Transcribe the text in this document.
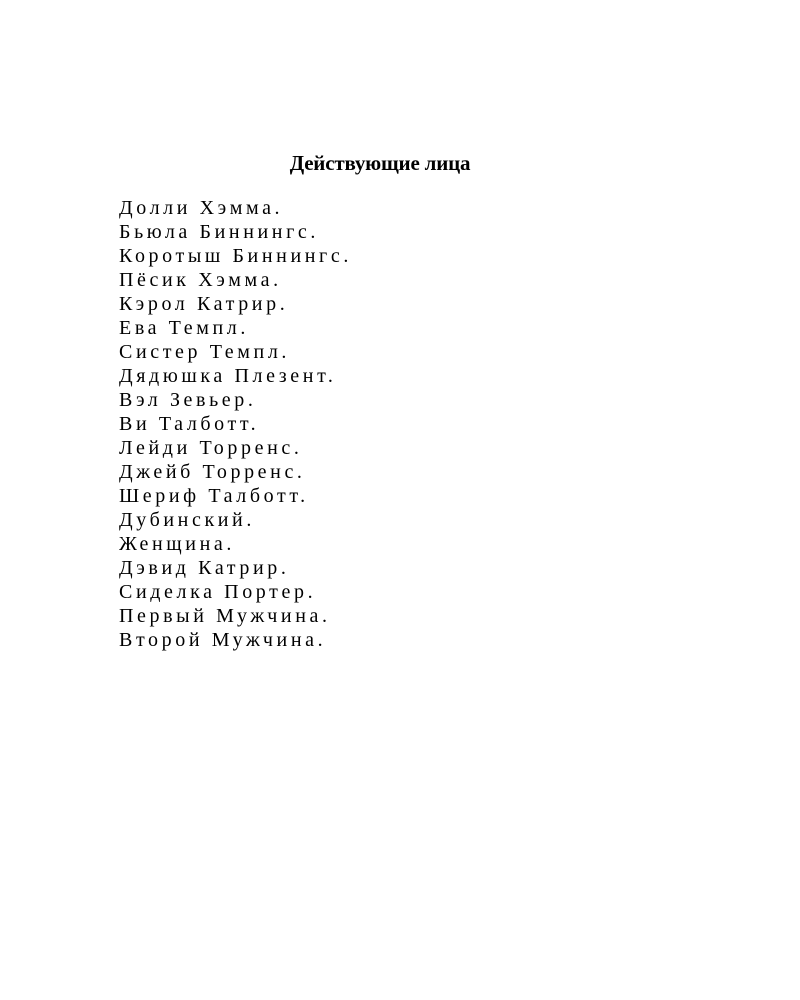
Действующие лица
Долли Хэмма.
Бьюла Биннингс.
Коротыш Биннингс.
Пёсик Хэмма.
Кэрол Катрир.
Ева Темпл.
Систер Темпл.
Дядюшка Плезент.
Вэл Зевьер.
Ви Талботт.
Лейди Торренс.
Джейб Торренс.
Шериф Талботт.
Дубинский.
Женщина.
Дэвид Катрир.
Сиделка Портер.
Первый Мужчина.
Второй Мужчина.
